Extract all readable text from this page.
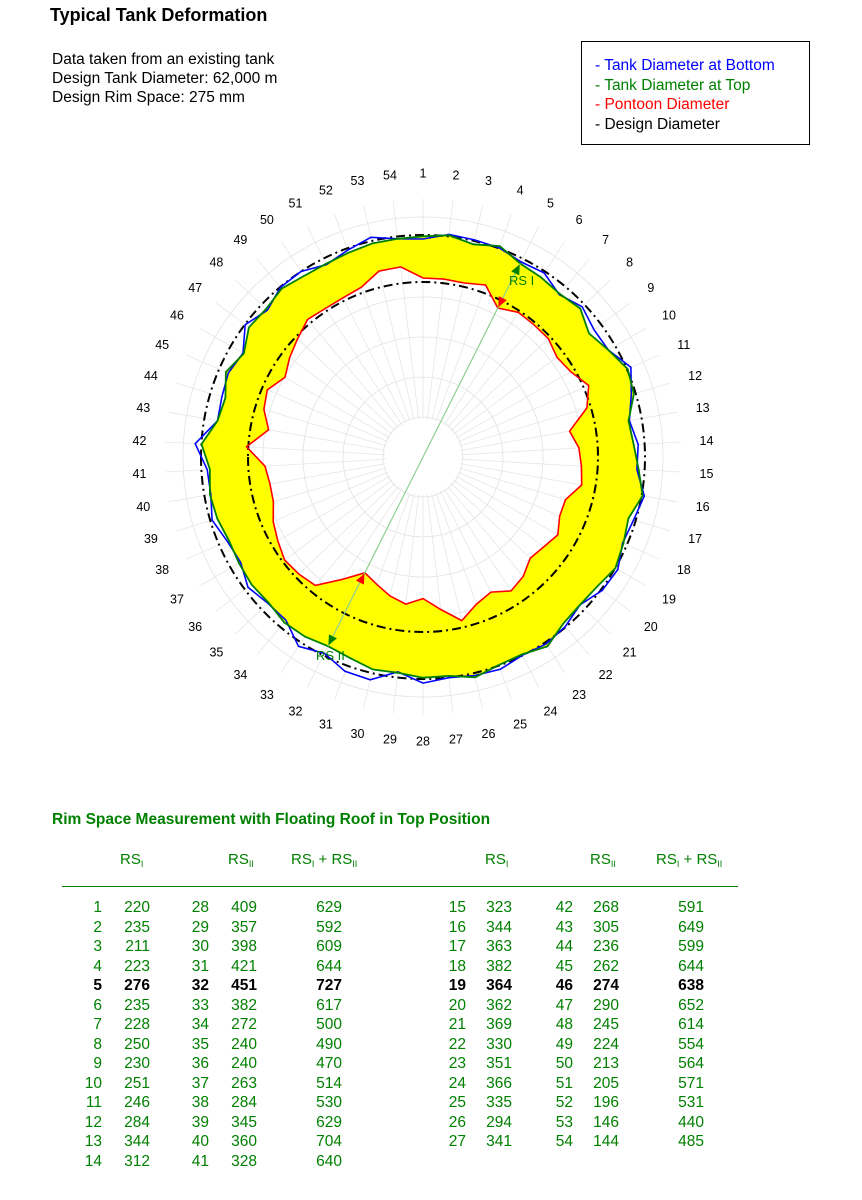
Typical Tank Deformation
Data taken from an existing tank
Design Tank Diameter: 62,000 m
Design Rim Space: 275 mm
- Tank Diameter at Bottom
- Tank Diameter at Top
- Pontoon Diameter
- Design Diameter
RS I
RS II
1 2 3
4
5
6
7
8
9
10
11
12
13
14
15
16
17
18
19
20
21
22
23
24
25
26
27
28
29
30
31
32
33
34
35
36
37
38
39
40
41
42
43
44
45
46
47
48
49
50
51
52
53 54
Rim Space Measurement with Floating Roof in Top Position
$RS_I$	$RS_{II}$ $RS_I + RS_{II}$	$RS_I$	$RS_{II}$	$RS_I + RS_{II}$
1 220	28 409	629	15 323	42 268	591
2 235	29 357	592	16 344	43 305	649
3 211	30 398	609	17 363	44 236	599
4 223	31 421	644	18 382	45 262	644
5 276	32 451	727	19 364	46 274	638
6 235	33 382	617	20 362	47 290	652
7 228	34 272	500	21 369	48 245	614
8 250	35 240	490	22 330	49 224	554
9 230	36 240	470	23 351	50 213	564
10 251	37 263	514	24 366	51 205	571
11 246	38 284	530	25 335	52 196	531
12 284	39 345	629	26 294	53 146	440
13 344	40 360	704	27 341	54 144	485
14 312	41 328	640
